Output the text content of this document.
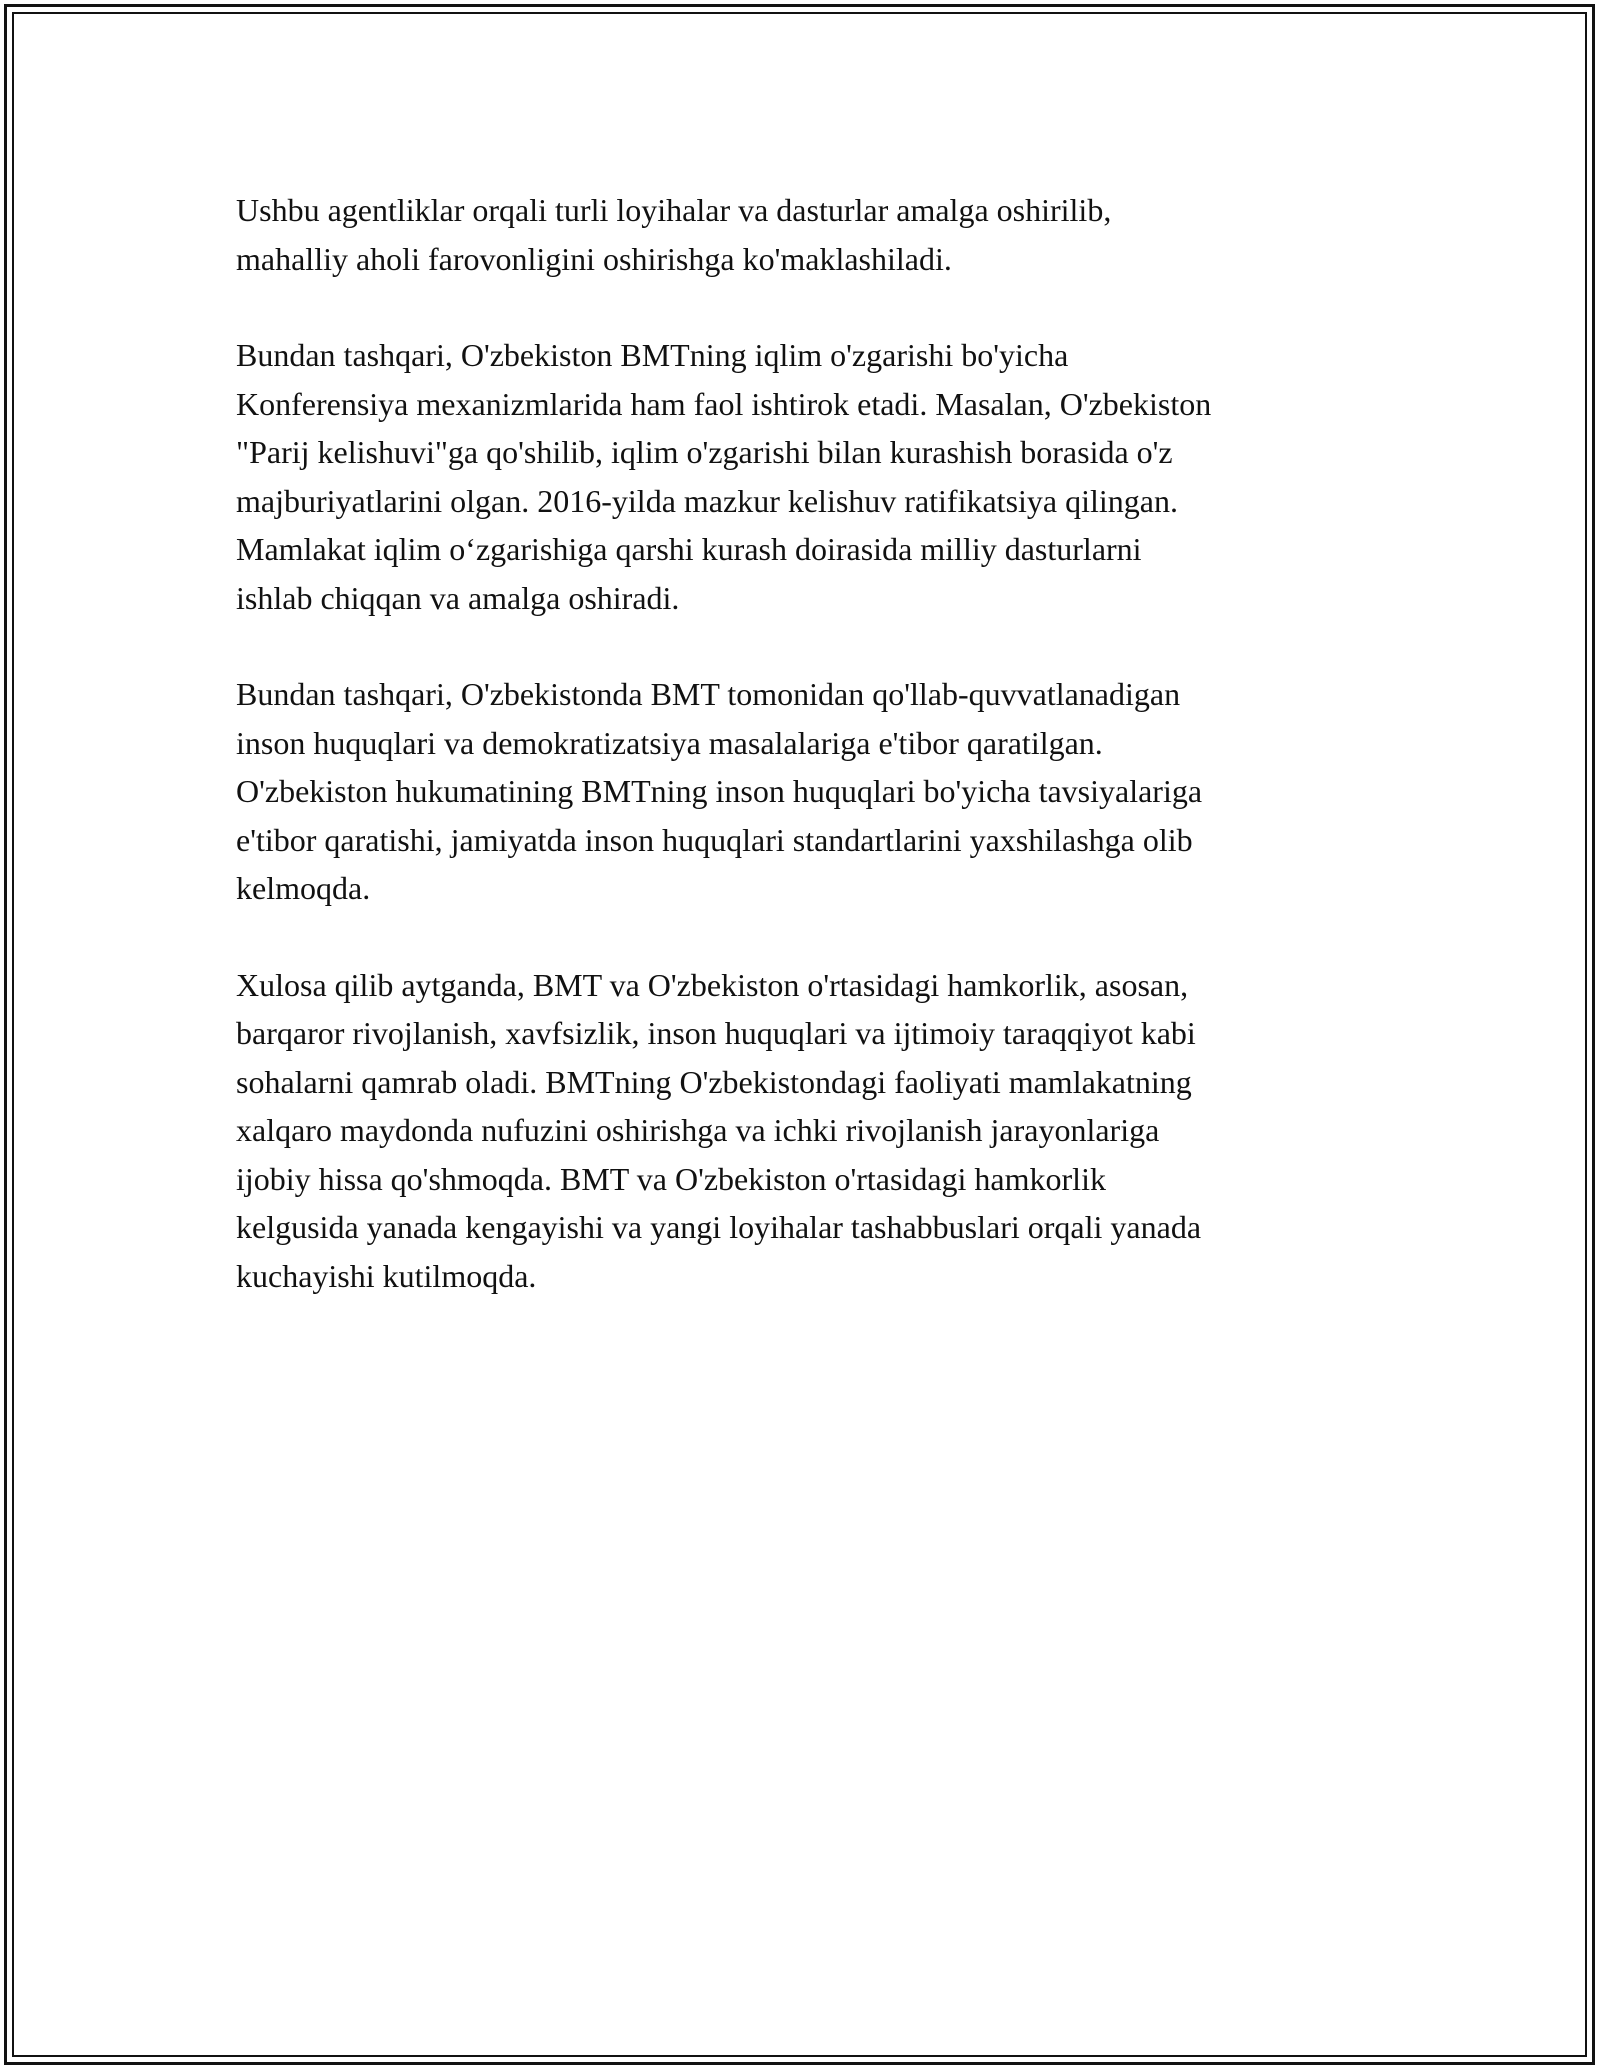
Ushbu agentliklar orqali turli loyihalar va dasturlar amalga oshirilib,
mahalliy aholi farovonligini oshirishga ko'maklashiladi.

Bundan tashqari, O'zbekiston BMTning iqlim o'zgarishi bo'yicha
Konferensiya mexanizmlarida ham faol ishtirok etadi. Masalan, O'zbekiston
"Parij kelishuvi"ga qo'shilib, iqlim o'zgarishi bilan kurashish borasida o'z
majburiyatlarini olgan. 2016-yilda mazkur kelishuv ratifikatsiya qilingan.
Mamlakat iqlim o‘zgarishiga qarshi kurash doirasida milliy dasturlarni
ishlab chiqqan va amalga oshiradi.

Bundan tashqari, O'zbekistonda BMT tomonidan qo'llab-quvvatlanadigan
inson huquqlari va demokratizatsiya masalalariga e'tibor qaratilgan.
O'zbekiston hukumatining BMTning inson huquqlari bo'yicha tavsiyalariga
e'tibor qaratishi, jamiyatda inson huquqlari standartlarini yaxshilashga olib
kelmoqda.

Xulosa qilib aytganda, BMT va O'zbekiston o'rtasidagi hamkorlik, asosan,
barqaror rivojlanish, xavfsizlik, inson huquqlari va ijtimoiy taraqqiyot kabi
sohalarni qamrab oladi. BMTning O'zbekistondagi faoliyati mamlakatning
xalqaro maydonda nufuzini oshirishga va ichki rivojlanish jarayonlariga
ijobiy hissa qo'shmoqda. BMT va O'zbekiston o'rtasidagi hamkorlik
kelgusida yanada kengayishi va yangi loyihalar tashabbuslari orqali yanada
kuchayishi kutilmoqda.
